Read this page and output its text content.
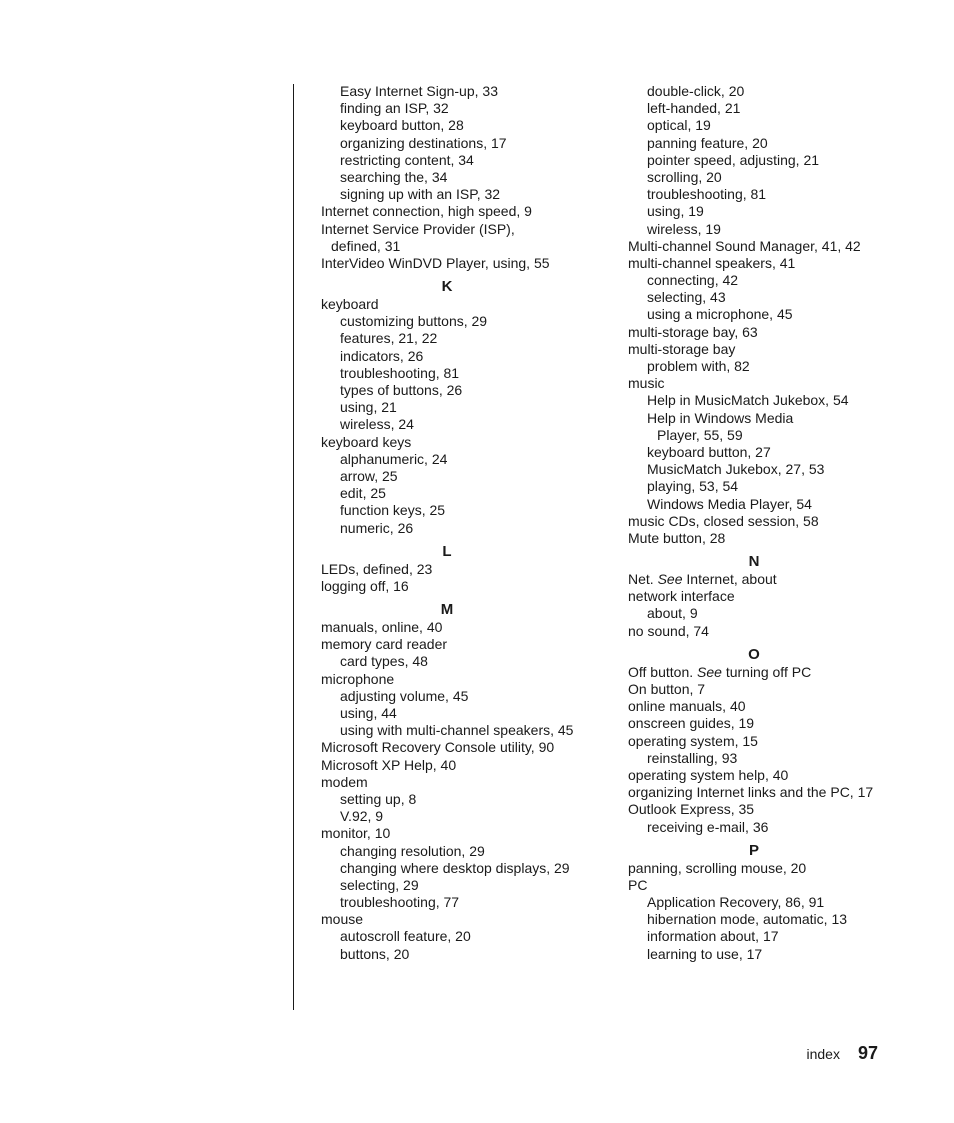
Easy Internet Sign-up, 33
finding an ISP, 32
keyboard button, 28
organizing destinations, 17
restricting content, 34
searching the, 34
signing up with an ISP, 32
Internet connection, high speed, 9
Internet Service Provider (ISP),
defined, 31
InterVideo WinDVD Player, using, 55
K
keyboard
customizing buttons, 29
features, 21, 22
indicators, 26
troubleshooting, 81
types of buttons, 26
using, 21
wireless, 24
keyboard keys
alphanumeric, 24
arrow, 25
edit, 25
function keys, 25
numeric, 26
L
LEDs, defined, 23
logging off, 16
M
manuals, online, 40
memory card reader
card types, 48
microphone
adjusting volume, 45
using, 44
using with multi-channel speakers, 45
Microsoft Recovery Console utility, 90
Microsoft XP Help, 40
modem
setting up, 8
V.92, 9
monitor, 10
changing resolution, 29
changing where desktop displays, 29
selecting, 29
troubleshooting, 77
mouse
autoscroll feature, 20
buttons, 20
double-click, 20
left-handed, 21
optical, 19
panning feature, 20
pointer speed, adjusting, 21
scrolling, 20
troubleshooting, 81
using, 19
wireless, 19
Multi-channel Sound Manager, 41, 42
multi-channel speakers, 41
connecting, 42
selecting, 43
using a microphone, 45
multi-storage bay, 63
multi-storage bay
problem with, 82
music
Help in MusicMatch Jukebox, 54
Help in Windows Media
Player, 55, 59
keyboard button, 27
MusicMatch Jukebox, 27, 53
playing, 53, 54
Windows Media Player, 54
music CDs, closed session, 58
Mute button, 28
N
Net. See Internet, about
network interface
about, 9
no sound, 74
O
Off button. See turning off PC
On button, 7
online manuals, 40
onscreen guides, 19
operating system, 15
reinstalling, 93
operating system help, 40
organizing Internet links and the PC, 17
Outlook Express, 35
receiving e-mail, 36
P
panning, scrolling mouse, 20
PC
Application Recovery, 86, 91
hibernation mode, automatic, 13
information about, 17
learning to use, 17
index 97
